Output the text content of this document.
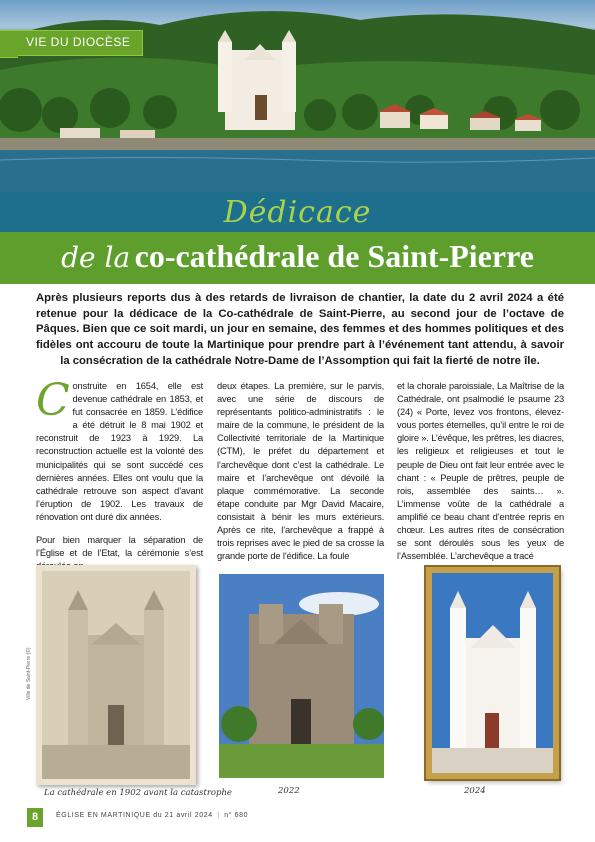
VIE DU DIOCÈSE
Dédicace
de la co-cathédrale de Saint-Pierre

Après plusieurs reports dus à des retards de livraison de chantier, la date du 2 avril 2024 a été retenue pour la dédicace de la Co-cathédrale de Saint-Pierre, au second jour de l’octave de Pâques. Bien que ce soit mardi, un jour en semaine, des femmes et des hommes politiques et des fidèles ont accouru de toute la Martinique pour prendre part à l’événement tant attendu, à savoir la consécration de la cathédrale Notre-Dame de l’Assomption qui fait la fierté de notre île.

Construite en 1654, elle est devenue cathédrale en 1853, et fut consacrée en 1859. L’édifice a été détruit le 8 mai 1902 et reconstruit de 1923 à 1929. La reconstruction actuelle est la volonté des municipalités qui se sont succédé ces dernières années. Elles ont voulu que la cathédrale retrouve son aspect d’avant l’éruption de 1902. Les travaux de rénovation ont duré dix années.

Pour bien marquer la séparation de l’Église et de l’Etat, la cérémonie s’est

deux étapes. La première, sur le parvis, avec une série de discours de représentants politico-administratifs : le maire de la commune, le président de la Collectivité territoriale de la Martinique (CTM), le préfet du département et l’archevêque dont c’est la cathédrale. Le maire et l’archevêque ont dévoilé la plaque commémorative. La seconde étape conduite par Mgr David Macaire, consistait à bénir les murs extérieurs. Après ce rite, l’archevêque a frappé à trois reprises avec le pied de sa crosse la grande porte de l’édifice. La foule

et la chorale paroissiale, La Maîtrise de la Cathédrale, ont psalmodié le psaume 23 (24) « Porte, levez vos frontons, élevez-vous portes éternelles, qu’il entre le roi de gloire ». L’évêque, les prêtres, les diacres, les religieux et religieuses et tout le peuple de Dieu ont fait leur entrée avec le chant : « Peuple de prêtres, peuple de rois, assemblée des saints… ». L’immense voûte de la cathédrale a amplifié ce beau chant d’entrée repris en chœur. Les autres rites de consécration se sont déroulés sous les yeux de l’Assemblée. L’archevêque a tracé

Ville de Saint-Pierre (©)
La cathédrale en 1902 avant la catastrophe	2022	2024
8	ÉGLISE EN MARTINIQUE du 21 avril 2024 | n° 680
